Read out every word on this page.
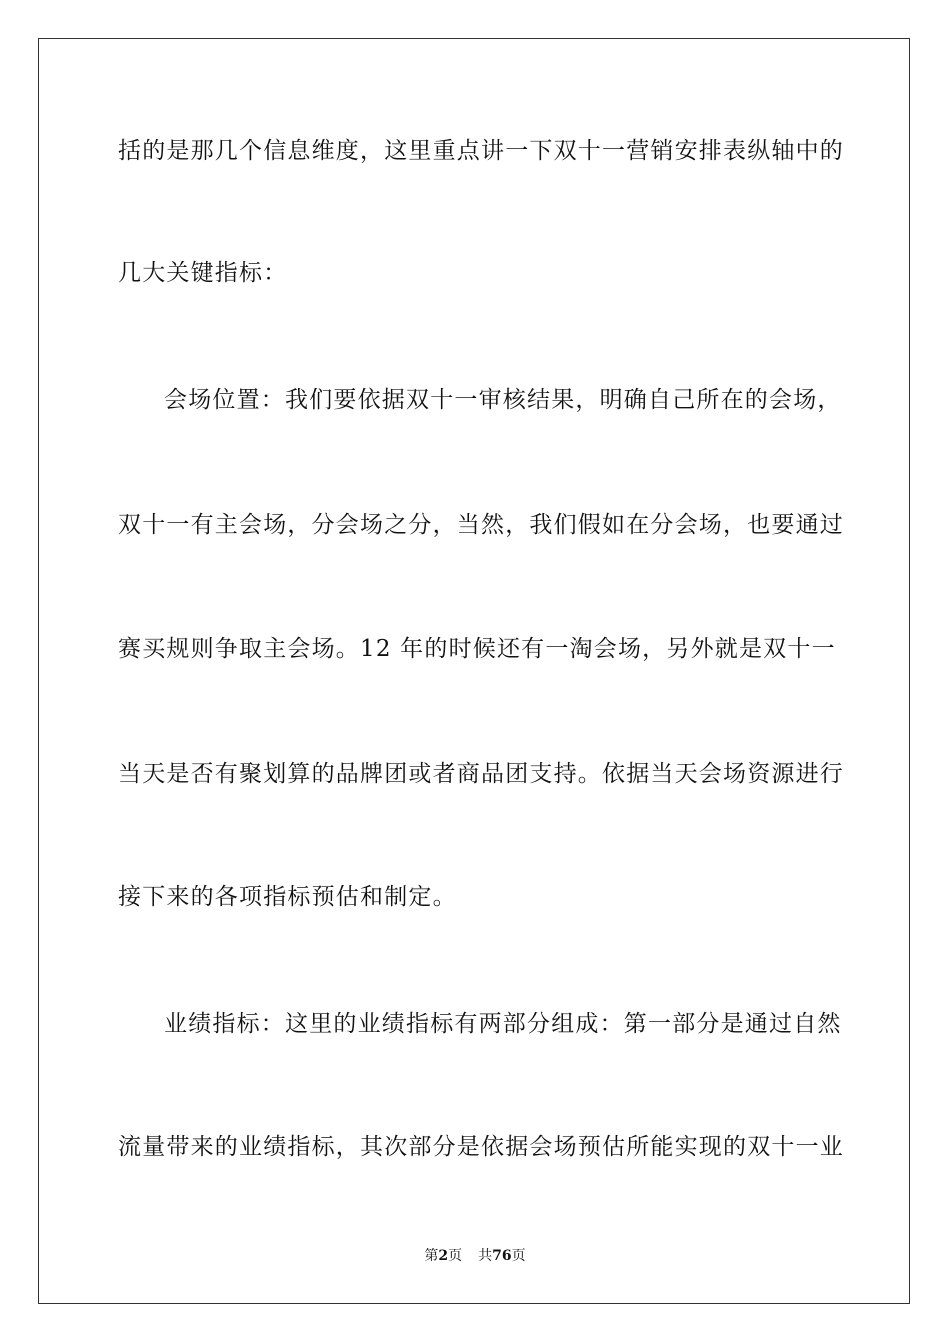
括的是那几个信息维度，这里重点讲一下双十一营销安排表纵轴中的
几大关键指标：
会场位置：我们要依据双十一审核结果，明确自己所在的会场，
双十一有主会场，分会场之分，当然，我们假如在分会场，也要通过
赛买规则争取主会场。12 年的时候还有一淘会场，另外就是双十一
当天是否有聚划算的品牌团或者商品团支持。依据当天会场资源进行
接下来的各项指标预估和制定。
业绩指标：这里的业绩指标有两部分组成：第一部分是通过自然
流量带来的业绩指标，其次部分是依据会场预估所能实现的双十一业
第2页 共76页
